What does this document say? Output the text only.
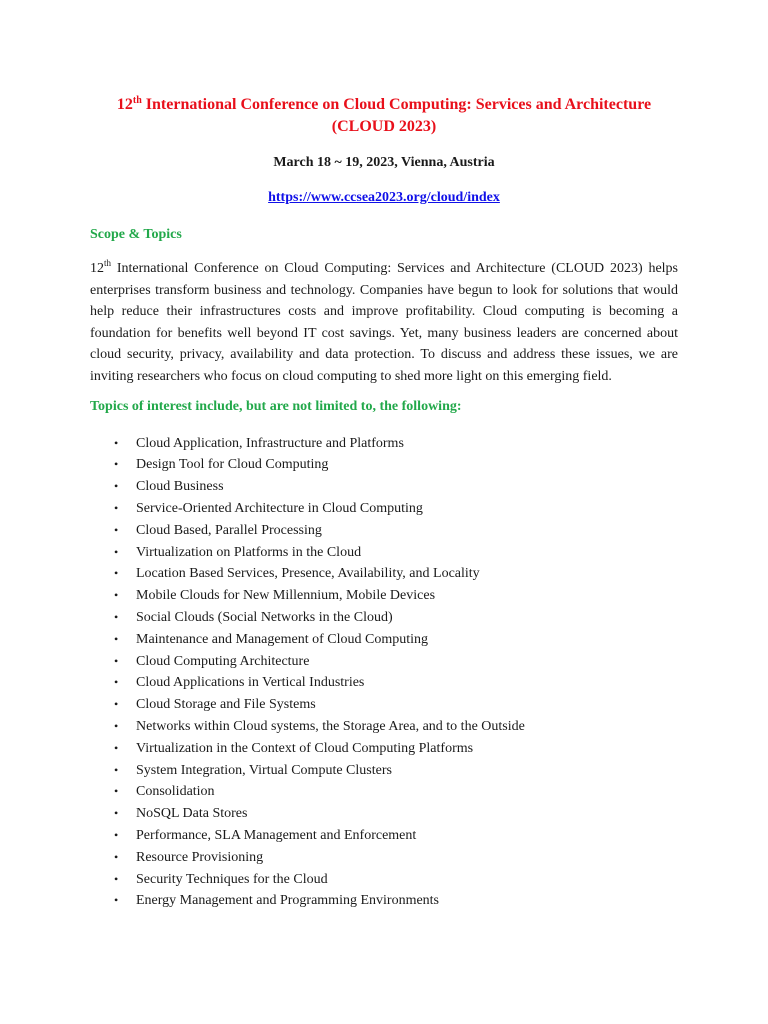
12th International Conference on Cloud Computing: Services and Architecture (CLOUD 2023)

March 18 ~ 19, 2023, Vienna, Austria

https://www.ccsea2023.org/cloud/index
Scope & Topics

12th International Conference on Cloud Computing: Services and Architecture (CLOUD 2023) helps enterprises transform business and technology. Companies have begun to look for solutions that would help reduce their infrastructures costs and improve profitability. Cloud computing is becoming a foundation for benefits well beyond IT cost savings. Yet, many business leaders are concerned about cloud security, privacy, availability and data protection. To discuss and address these issues, we are inviting researchers who focus on cloud computing to shed more light on this emerging field.

Topics of interest include, but are not limited to, the following:
• Cloud Application, Infrastructure and Platforms
• Design Tool for Cloud Computing
• Cloud Business
• Service-Oriented Architecture in Cloud Computing
• Cloud Based, Parallel Processing
• Virtualization on Platforms in the Cloud
• Location Based Services, Presence, Availability, and Locality
• Mobile Clouds for New Millennium, Mobile Devices
• Social Clouds (Social Networks in the Cloud)
• Maintenance and Management of Cloud Computing
• Cloud Computing Architecture
• Cloud Applications in Vertical Industries
• Cloud Storage and File Systems
• Networks within Cloud systems, the Storage Area, and to the Outside
• Virtualization in the Context of Cloud Computing Platforms
• System Integration, Virtual Compute Clusters
• Consolidation
• NoSQL Data Stores
• Performance, SLA Management and Enforcement
• Resource Provisioning
• Security Techniques for the Cloud
• Energy Management and Programming Environments
